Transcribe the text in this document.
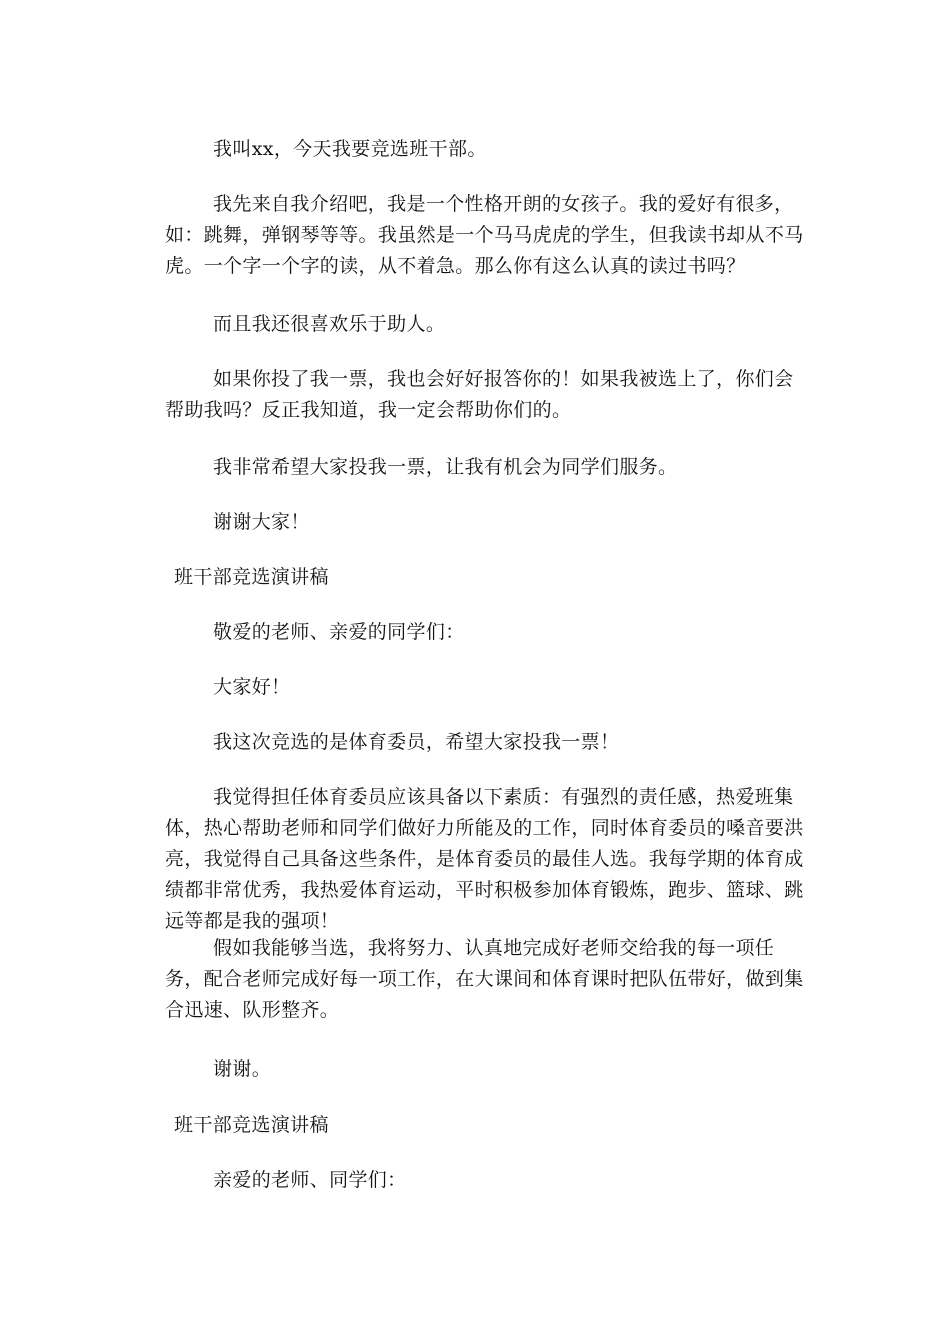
我叫xx，今天我要竞选班干部。

我先来自我介绍吧，我是一个性格开朗的女孩子。我的爱好有很多，如：跳舞，弹钢琴等等。我虽然是一个马马虎虎的学生，但我读书却从不马虎。一个字一个字的读，从不着急。那么你有这么认真的读过书吗？

而且我还很喜欢乐于助人。

如果你投了我一票，我也会好好报答你的！如果我被选上了，你们会帮助我吗？反正我知道，我一定会帮助你们的。

我非常希望大家投我一票，让我有机会为同学们服务。

谢谢大家！

班干部竞选演讲稿

敬爱的老师、亲爱的同学们：

大家好！

我这次竞选的是体育委员，希望大家投我一票！

我觉得担任体育委员应该具备以下素质：有强烈的责任感，热爱班集体，热心帮助老师和同学们做好力所能及的工作，同时体育委员的嗓音要洪亮，我觉得自己具备这些条件，是体育委员的最佳人选。我每学期的体育成绩都非常优秀，我热爱体育运动，平时积极参加体育锻炼，跑步、篮球、跳远等都是我的强项！

假如我能够当选，我将努力、认真地完成好老师交给我的每一项任务，配合老师完成好每一项工作，在大课间和体育课时把队伍带好，做到集合迅速、队形整齐。

谢谢。

班干部竞选演讲稿

亲爱的老师、同学们：
